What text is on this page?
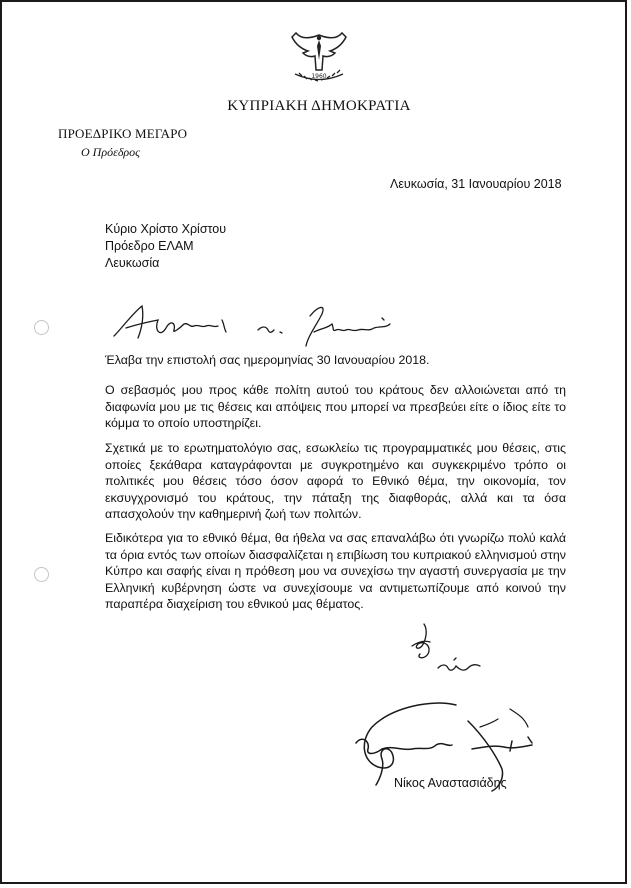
1960
ΚΥΠΡΙΑΚΗ ΔΗΜΟΚΡΑΤΙΑ
ΠΡΟΕΔΡΙΚΟ ΜΕΓΑΡΟ
Ο Πρόεδρος
Λευκωσία, 31 Ιανουαρίου 2018
Κύριο Χρίστο Χρίστου
Πρόεδρο ΕΛΑΜ
Λευκωσία
Έλαβα την επιστολή σας ημερομηνίας 30 Ιανουαρίου 2018.
Ο σεβασμός μου προς κάθε πολίτη αυτού του κράτους δεν αλλοιώνεται από τη διαφωνία μου με τις θέσεις και απόψεις που μπορεί να πρεσβεύει είτε ο ίδιος είτε το κόμμα το οποίο υποστηρίζει.
Σχετικά με το ερωτηματολόγιο σας, εσωκλείω τις προγραμματικές μου θέσεις, στις οποίες ξεκάθαρα καταγράφονται με συγκροτημένο και συγκεκριμένο τρόπο οι πολιτικές μου θέσεις τόσο όσον αφορά το Εθνικό θέμα, την οικονομία, τον εκσυγχρονισμό του κράτους, την πάταξη της διαφθοράς, αλλά και τα όσα απασχολούν την καθημερινή ζωή των πολιτών.
Ειδικότερα για το εθνικό θέμα, θα ήθελα να σας επαναλάβω ότι γνωρίζω πολύ καλά τα όρια εντός των οποίων διασφαλίζεται η επιβίωση του κυπριακού ελληνισμού στην Κύπρο και σαφής είναι η πρόθεση μου να συνεχίσω την αγαστή συνεργασία με την Ελληνική κυβέρνηση ώστε να συνεχίσουμε να αντιμετωπίζουμε από κοινού την παραπέρα διαχείριση του εθνικού μας θέματος.
Νίκος Αναστασιάδης
